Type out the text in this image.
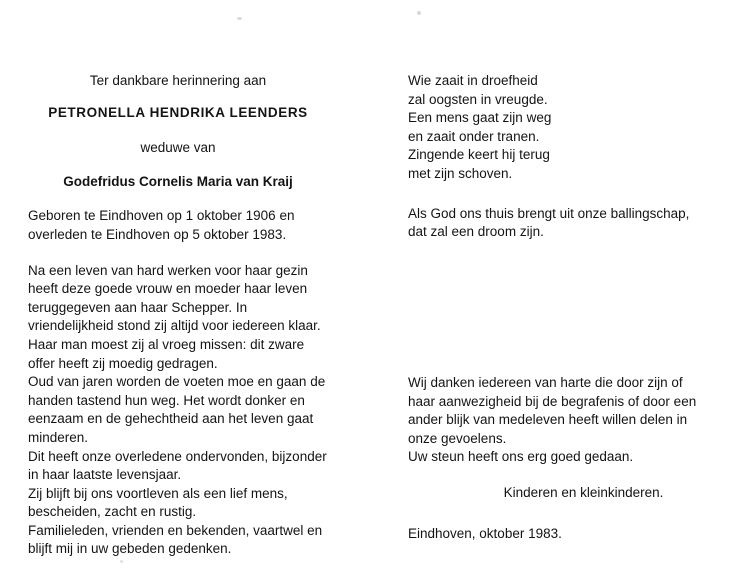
Ter dankbare herinnering aan

PETRONELLA HENDRIKA LEENDERS

weduwe van

Godefridus Cornelis Maria van Kraij

Geboren te Eindhoven op 1 oktober 1906 en overleden te Eindhoven op 5 oktober 1983.

Na een leven van hard werken voor haar gezin heeft deze goede vrouw en moeder haar leven teruggegeven aan haar Schepper. In vriendelijkheid stond zij altijd voor iedereen klaar.

Haar man moest zij al vroeg missen: dit zware offer heeft zij moedig gedragen.

Oud van jaren worden de voeten moe en gaan de handen tastend hun weg. Het wordt donker en eenzaam en de gehechtheid aan het leven gaat minderen.

Dit heeft onze overledene ondervonden, bijzonder in haar laatste levensjaar.

Zij blijft bij ons voortleven als een lief mens, bescheiden, zacht en rustig.

Familieleden, vrienden en bekenden, vaartwel en blijft mij in uw gebeden gedenken.

Wie zaait in droefheid

zal oogsten in vreugde.

Een mens gaat zijn weg

en zaait onder tranen.

Zingende keert hij terug

met zijn schoven.

Als God ons thuis brengt uit onze ballingschap, dat zal een droom zijn.

Wij danken iedereen van harte die door zijn of haar aanwezigheid bij de begrafenis of door een ander blijk van medeleven heeft willen delen in onze gevoelens.

Uw steun heeft ons erg goed gedaan.

Kinderen en kleinkinderen.

Eindhoven, oktober 1983.
